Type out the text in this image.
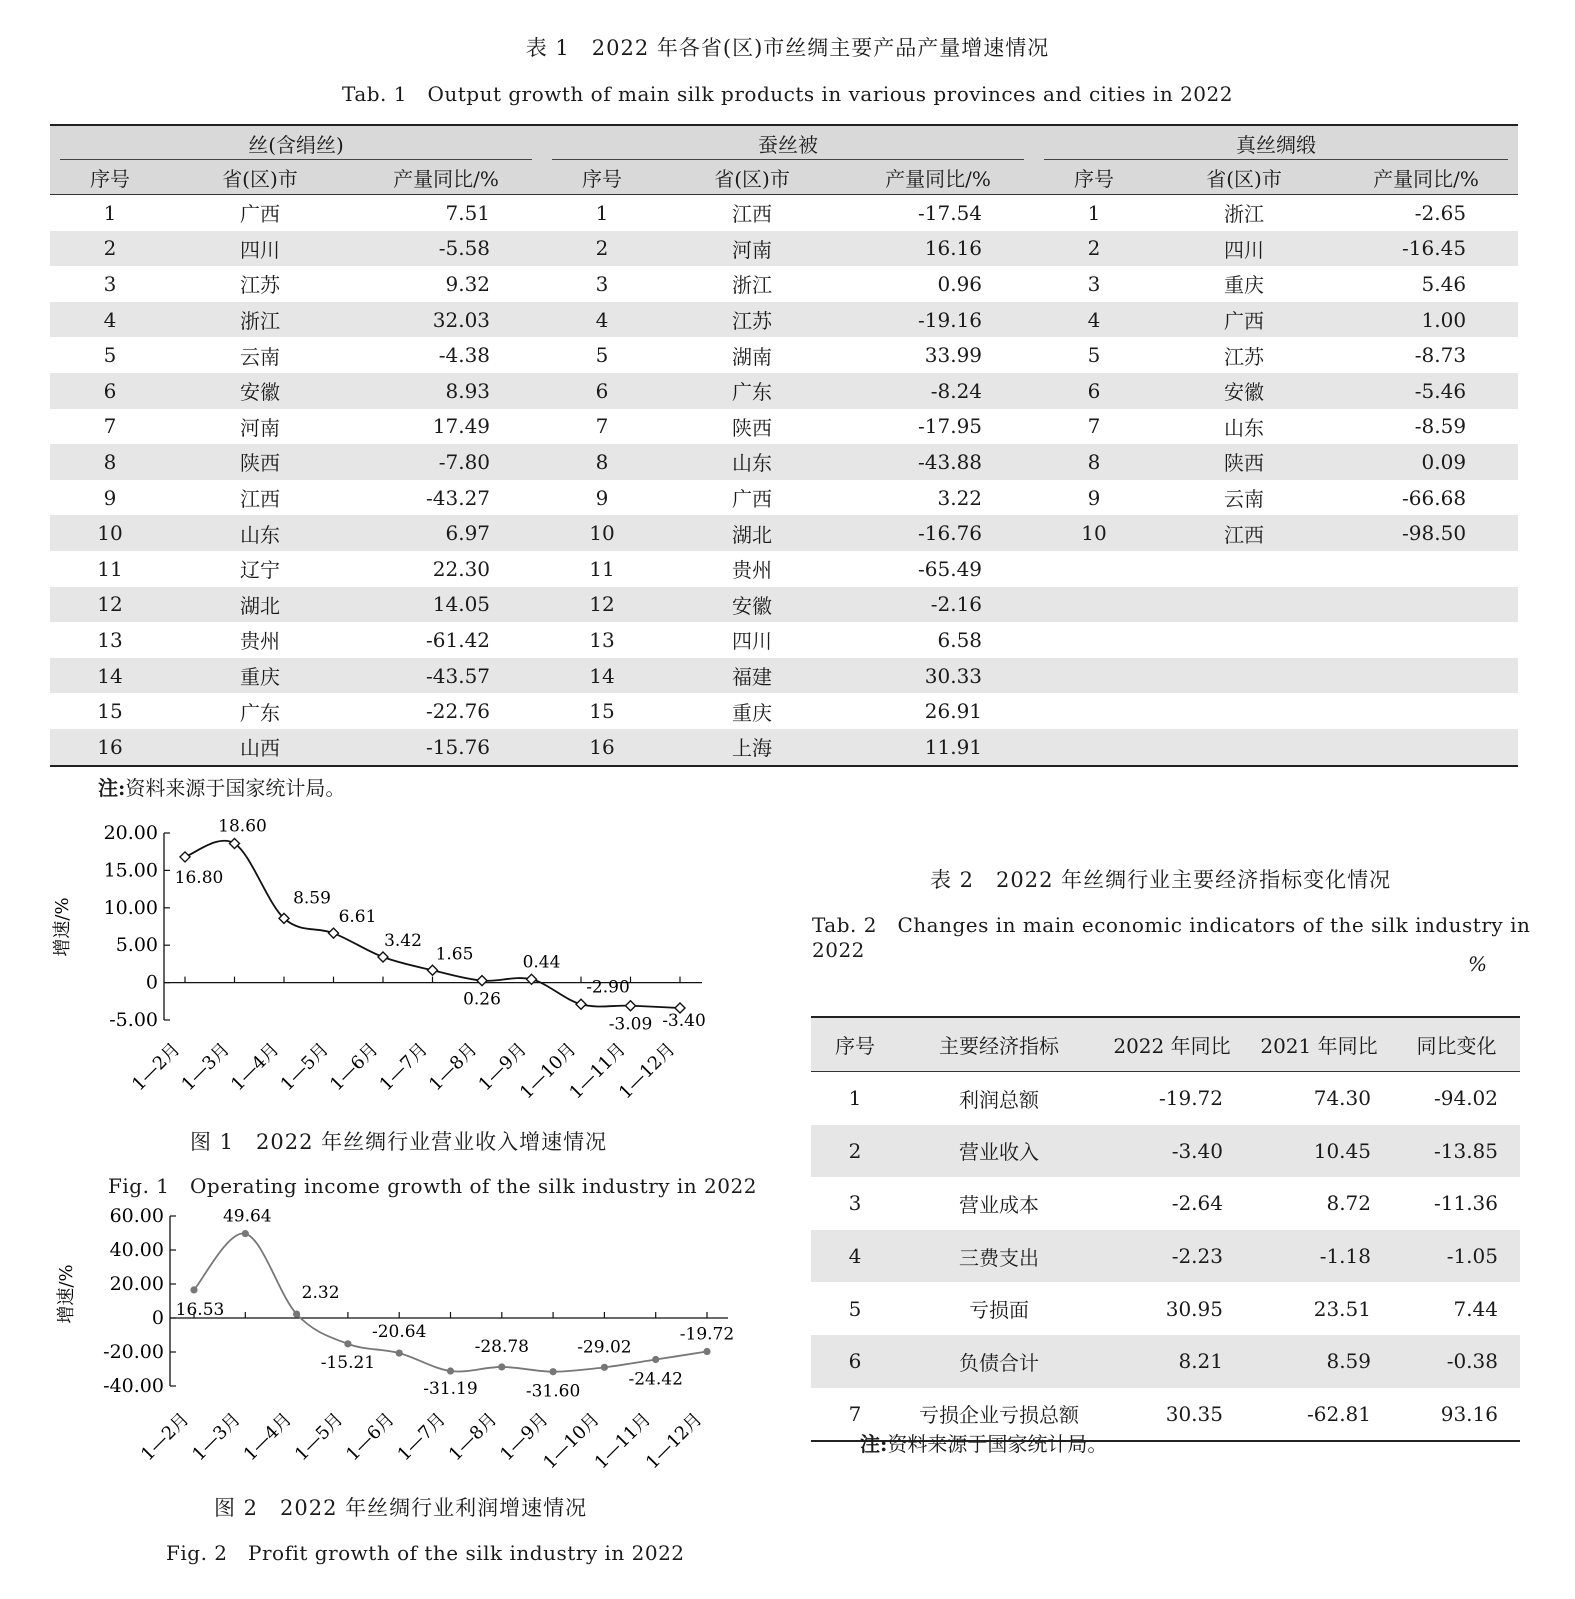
表 1　2022 年各省(区)市丝绸主要产品产量增速情况
Tab. 1　Output growth of main silk products in various provinces and cities in 2022
丝(含绢丝)			蚕丝被			真丝绸缎		

序号	省(区)市	产量同比/%	序号	省(区)市	产量同比/%	序号	省(区)市	产量同比/%
1	广西	7.51	1	江西	-17.54	1	浙江	-2.65
2	四川	-5.58	2	河南	16.16	2	四川	-16.45
3	江苏	9.32	3	浙江	0.96	3	重庆	5.46
4	浙江	32.03	4	江苏	-19.16	4	广西	1.00
5	云南	-4.38	5	湖南	33.99	5	江苏	-8.73
6	安徽	8.93	6	广东	-8.24	6	安徽	-5.46
7	河南	17.49	7	陕西	-17.95	7	山东	-8.59
8	陕西	-7.80	8	山东	-43.88	8	陕西	0.09
9	江西	-43.27	9	广西	3.22	9	云南	-66.68
10	山东	6.97	10	湖北	-16.76	10	江西	-98.50
11	辽宁	22.30	11	贵州	-65.49			
12	湖北	14.05	12	安徽	-2.16			
13	贵州	-61.42	13	四川	6.58			
14	重庆	-43.57	14	福建	30.33			
15	广东	-22.76	15	重庆	26.91			
16	山西	-15.76	16	上海	11.91			
注:资料来源于国家统计局。
20.00
15.00
10.00
5.00
0
-5.00
1—2月
1—3月
1—4月
1—5月
1—6月
1—7月
1—8月
1—9月
1—10月
1—11月
1—12月
增速/%
16.80
18.60
8.59
6.61
3.42
1.65
0.26
0.44
-2.90
-3.09 -3.40
图 1　2022 年丝绸行业营业收入增速情况
Fig. 1　Operating income growth of the silk industry in 2022
60.00
40.00
20.00
0
-20.00
-40.00
1—2月
1—3月
1—4月
1—5月
1—6月
1—7月
1—8月
1—9月
1—10月
1—11月
1—12月
增速/%	16.53
49.64
2.32
-15.21
-20.64
-31.19
-28.78
-31.60
-29.02
-24.42
-19.72
图 2　2022 年丝绸行业利润增速情况
Fig. 2　Profit growth of the silk industry in 2022
表 2　2022 年丝绸行业主要经济指标变化情况
Tab. 2　Changes in main economic indicators of the silk industry in 2022
%
序号	主要经济指标	2022 年同比	2021 年同比	同比变化
1	利润总额	-19.72	74.30	-94.02
2	营业收入	-3.40	10.45	-13.85
3	营业成本	-2.64	8.72	-11.36
4	三费支出	-2.23	-1.18	-1.05
5	亏损面	30.95	23.51	7.44
6	负债合计	8.21	8.59	-0.38
7	亏损企业亏损总额	30.35	-62.81	93.16
注:资料来源于国家统计局。
